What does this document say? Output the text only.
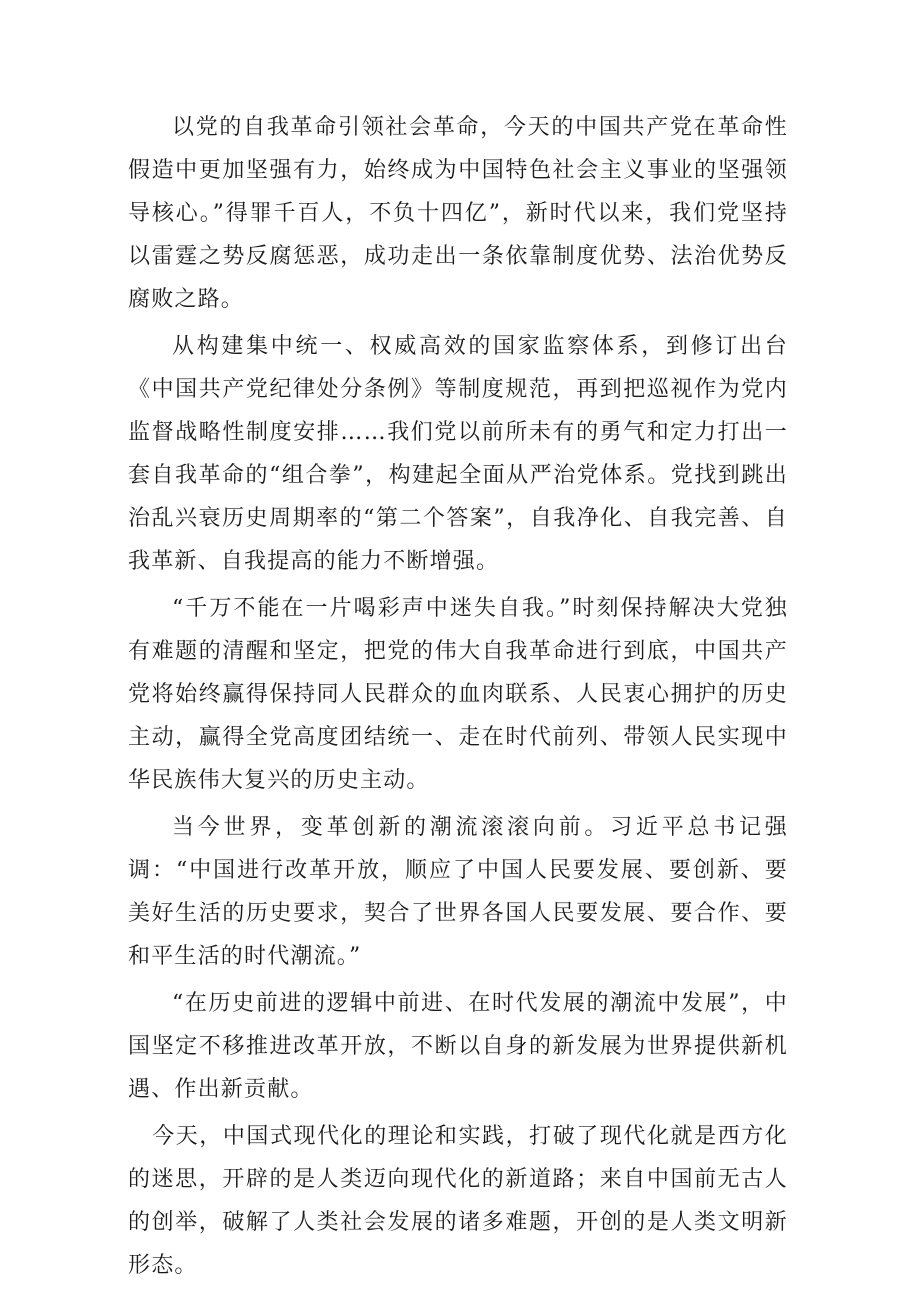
以党的自我革命引领社会革命，今天的中国共产党在革命性假造中更加坚强有力，始终成为中国特色社会主义事业的坚强领导核心。”得罪千百人，不负十四亿”，新时代以来，我们党坚持以雷霆之势反腐惩恶，成功走出一条依靠制度优势、法治优势反腐败之路。

从构建集中统一、权威高效的国家监察体系，到修订出台《中国共产党纪律处分条例》等制度规范，再到把巡视作为党内监督战略性制度安排……我们党以前所未有的勇气和定力打出一套自我革命的“组合拳”，构建起全面从严治党体系。党找到跳出治乱兴衰历史周期率的“第二个答案”，自我净化、自我完善、自我革新、自我提高的能力不断增强。

“千万不能在一片喝彩声中迷失自我。”时刻保持解决大党独有难题的清醒和坚定，把党的伟大自我革命进行到底，中国共产党将始终赢得保持同人民群众的血肉联系、人民衷心拥护的历史主动，赢得全党高度团结统一、走在时代前列、带领人民实现中华民族伟大复兴的历史主动。

当今世界，变革创新的潮流滚滚向前。习近平总书记强调：“中国进行改革开放，顺应了中国人民要发展、要创新、要美好生活的历史要求，契合了世界各国人民要发展、要合作、要和平生活的时代潮流。”

“在历史前进的逻辑中前进、在时代发展的潮流中发展”，中国坚定不移推进改革开放，不断以自身的新发展为世界提供新机遇、作出新贡献。

今天，中国式现代化的理论和实践，打破了现代化就是西方化的迷思，开辟的是人类迈向现代化的新道路；来自中国前无古人的创举，破解了人类社会发展的诸多难题，开创的是人类文明新形态。
